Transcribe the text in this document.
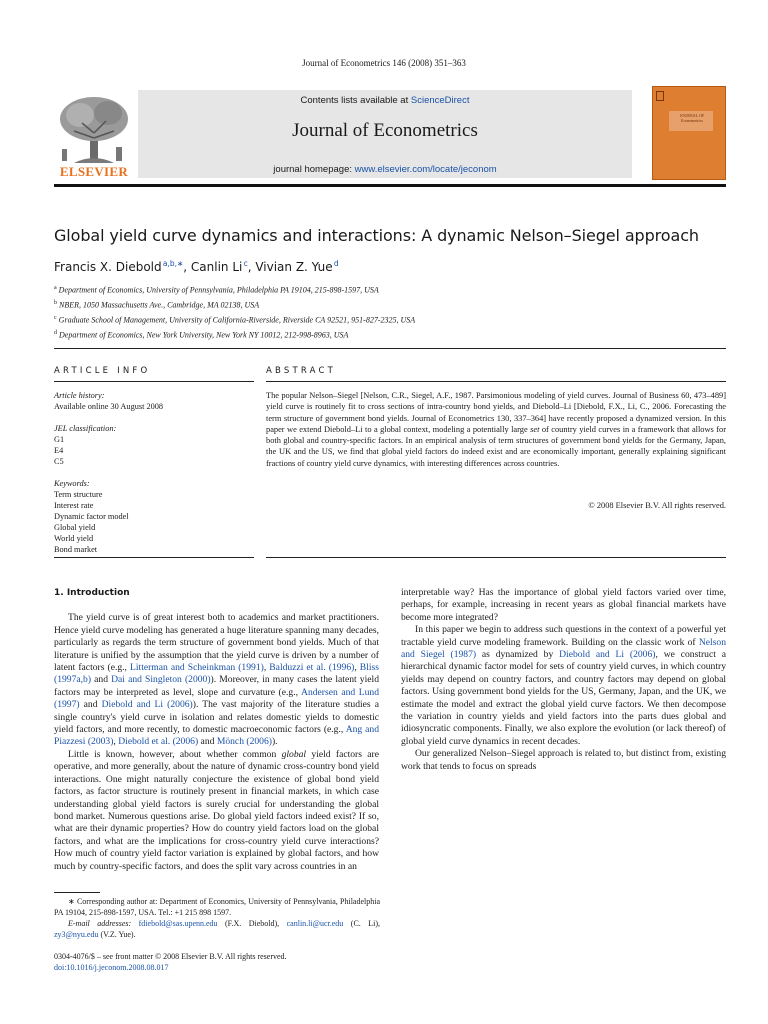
Journal of Econometrics 146 (2008) 351–363
ELSEVIER
Contents lists available at ScienceDirect
Journal of Econometrics
journal homepage: www.elsevier.com/locate/jeconom
JOURNAL OF Econometrics
Global yield curve dynamics and interactions: A dynamic Nelson–Siegel approach
Francis X. Diebold $^{a,b,∗}$, Canlin Li $^c$, Vivian Z. Yue $^d$
$^a$ Department of Economics, University of Pennsylvania, Philadelphia PA 19104, 215-898-1597, USA
$^b$ NBER, 1050 Massachusetts Ave., Cambridge, MA 02138, USA
$^c$ Graduate School of Management, University of California-Riverside, Riverside CA 92521, 951-827-2325, USA
$^d$ Department of Economics, New York University, New York NY 10012, 212-998-8963, USA
ARTICLE INFO	ABSTRACT
Article history:
Available online 30 August 2008
JEL classification:
G1
E4
C5
Keywords:
Term structure
Interest rate
Dynamic factor model
Global yield
World yield
Bond market
The popular Nelson–Siegel [Nelson, C.R., Siegel, A.F., 1987. Parsimonious modeling of yield curves. Journal of Business 60, 473–489] yield curve is routinely fit to cross sections of intra-country bond yields, and Diebold–Li [Diebold, F.X., Li, C., 2006. Forecasting the term structure of government bond yields. Journal of Econometrics 130, 337–364] have recently proposed a dynamized version. In this paper we extend Diebold–Li to a global context, modeling a potentially large set of country yield curves in a framework that allows for both global and country-specific factors. In an empirical analysis of term structures of government bond yields for the Germany, Japan, the UK and the US, we find that global yield factors do indeed exist and are economically important, generally explaining significant fractions of country yield curve dynamics, with interesting differences across countries.
© 2008 Elsevier B.V. All rights reserved.
1. Introduction
The yield curve is of great interest both to academics and market practitioners. Hence yield curve modeling has generated a huge literature spanning many decades, particularly as regards the term structure of government bond yields. Much of that literature is unified by the assumption that the yield curve is driven by a number of latent factors (e.g., Litterman and Scheinkman (1991), Balduzzi et al. (1996), Bliss (1997a,b) and Dai and Singleton (2000)). Moreover, in many cases the latent yield factors may be interpreted as level, slope and curvature (e.g., Andersen and Lund (1997) and Diebold and Li (2006)). The vast majority of the literature studies a single country's yield curve in isolation and relates domestic yields to domestic yield factors, and more recently, to domestic macroeconomic factors (e.g., Ang and Piazzesi (2003), Diebold et al. (2006) and Mönch (2006)).
Little is known, however, about whether common global yield factors are operative, and more generally, about the nature of dynamic cross-country bond yield interactions. One might naturally conjecture the existence of global bond yield factors, as factor structure is routinely present in financial markets, in which case understanding global yield factors is surely crucial for understanding the global bond market. Numerous questions arise. Do global yield factors indeed exist? If so, what are their dynamic properties? How do country yield factors load on the global factors, and what are the implications for cross-country yield curve interactions? How much of country yield factor variation is explained by global factors, and how much by country-specific factors, and does the split vary across countries in an
interpretable way? Has the importance of global yield factors varied over time, perhaps, for example, increasing in recent years as global financial markets have become more integrated?
In this paper we begin to address such questions in the context of a powerful yet tractable yield curve modeling framework. Building on the classic work of Nelson and Siegel (1987) as dynamized by Diebold and Li (2006), we construct a hierarchical dynamic factor model for sets of country yield curves, in which country yields may depend on country factors, and country factors may depend on global factors. Using government bond yields for the US, Germany, Japan, and the UK, we estimate the model and extract the global yield curve factors. We then decompose the variation in country yields and yield factors into the parts dues global and idiosyncratic components. Finally, we also explore the evolution (or lack thereof) of global yield curve dynamics in recent decades.
Our generalized Nelson–Siegel approach is related to, but distinct from, existing work that tends to focus on spreads
∗ Corresponding author at: Department of Economics, University of Pennsylvania, Philadelphia PA 19104, 215-898-1597, USA. Tel.: +1 215 898 1597.
E-mail addresses: fdiebold@sas.upenn.edu (F.X. Diebold), canlin.li@ucr.edu (C. Li), zy3@nyu.edu (V.Z. Yue).
0304-4076/$ – see front matter © 2008 Elsevier B.V. All rights reserved.
doi:10.1016/j.jeconom.2008.08.017
